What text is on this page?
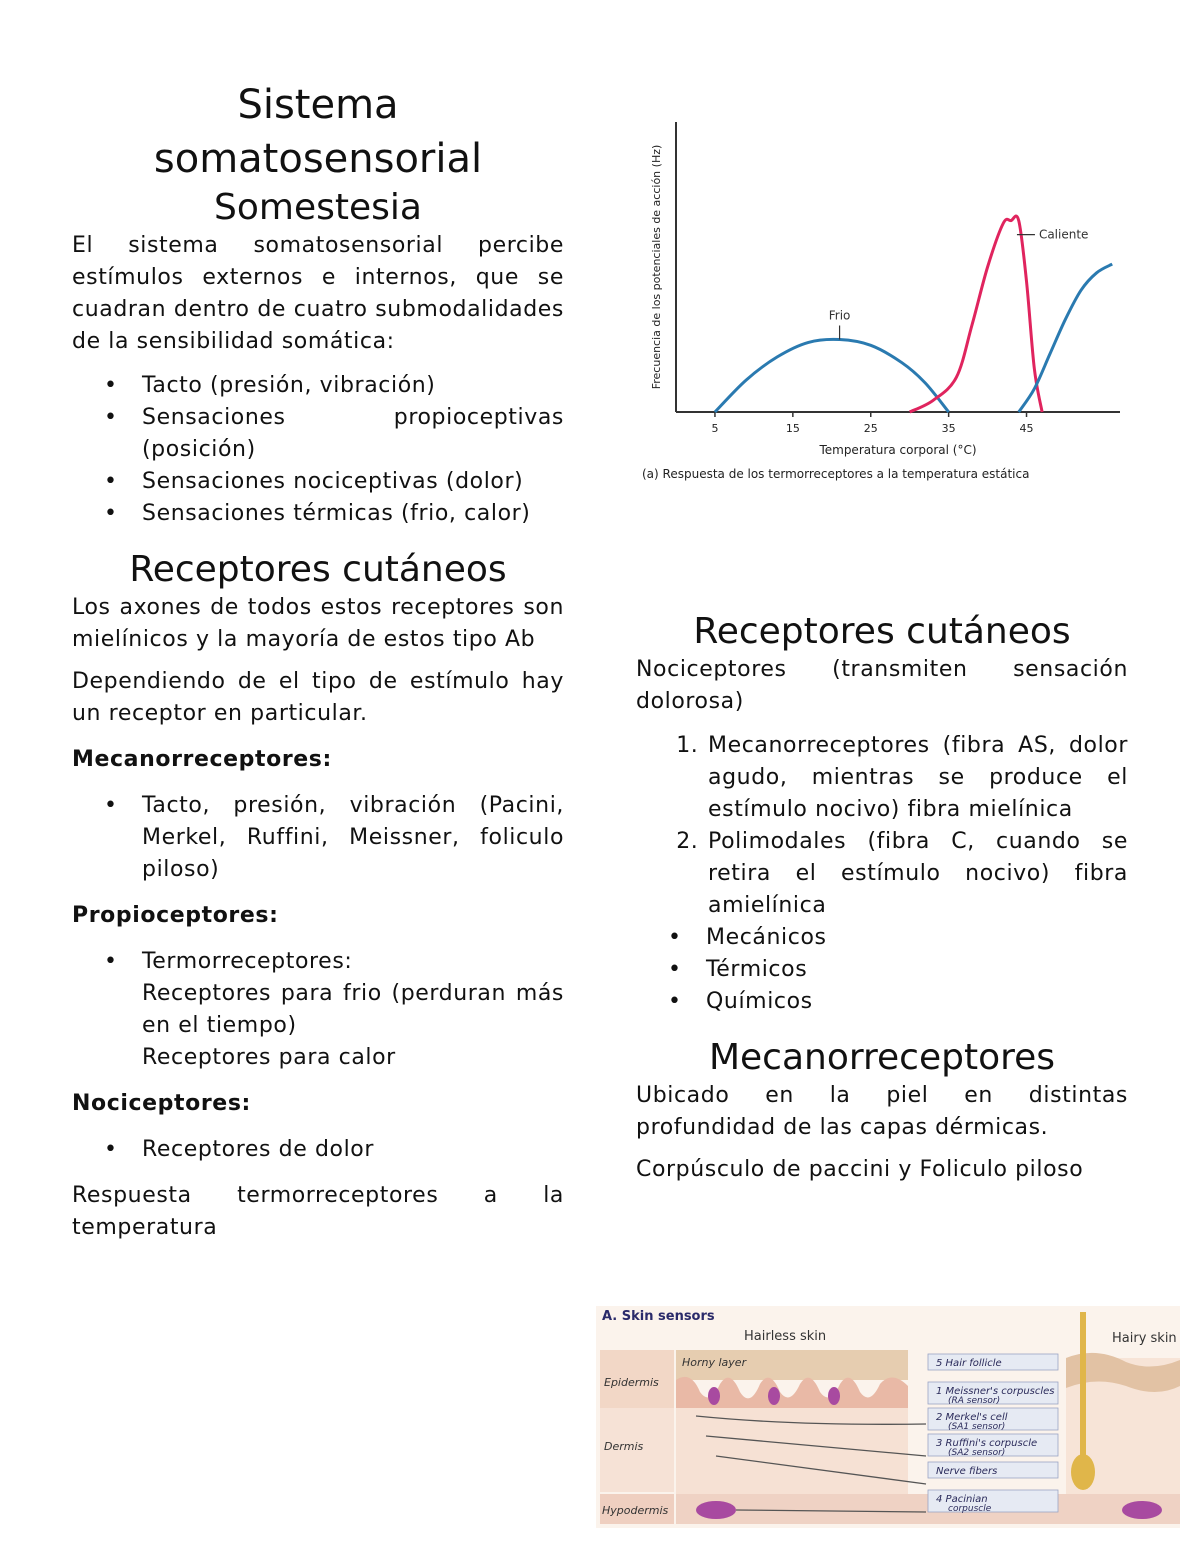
Sistema
somatosensorial
Somestesia

El sistema somatosensorial percibe estímulos externos e internos, que se cuadran dentro de cuatro submodalidades de la sensibilidad somática:

• Tacto (presión, vibración)
• Sensaciones propioceptivas (posición)
• Sensaciones nociceptivas (dolor)
• Sensaciones térmicas (frio, calor)
Receptores cutáneos

Los axones de todos estos receptores son mielínicos y la mayoría de estos tipo Ab

Dependiendo de el tipo de estímulo hay un receptor en particular.

Mecanorreceptores:

• Tacto, presión, vibración (Pacini, Merkel, Ruffini, Meissner, foliculo piloso)

Propioceptores:

• Termorreceptores:
Receptores para frio (perduran más en el tiempo)
Receptores para calor

Nociceptores:

• Receptores de dolor

Respuesta termorreceptores a la temperatura

5	15	25	35	45
Temperatura corporal (°C)
Frecuencia de los potenciales de acción (Hz)
(a) Respuesta de los termorreceptores a la temperatura estática
Frio
Caliente
Receptores cutáneos

Nociceptores (transmiten sensación dolorosa)

1. Mecanorreceptores (fibra AS, dolor agudo, mientras se produce el estímulo nocivo) fibra mielínica
2. Polimodales (fibra C, cuando se retira el estímulo nocivo) fibra amielínica
• Mecánicos
• Térmicos
• Químicos
Mecanorreceptores

Ubicado en la piel en distintas profundidad de las capas dérmicas.

Corpúsculo de paccini y Foliculo piloso

A. Skin sensors
Hairless skin	Hairy skin
Epidermis
Dermis
Hypodermis
Horny layer	5 Hair follicle
1 Meissner's corpuscles
(RA sensor)
2 Merkel's cell
(SA1 sensor)
3 Ruffini's corpuscle
(SA2 sensor)
Nerve fibers
4 Pacinian
corpuscle
